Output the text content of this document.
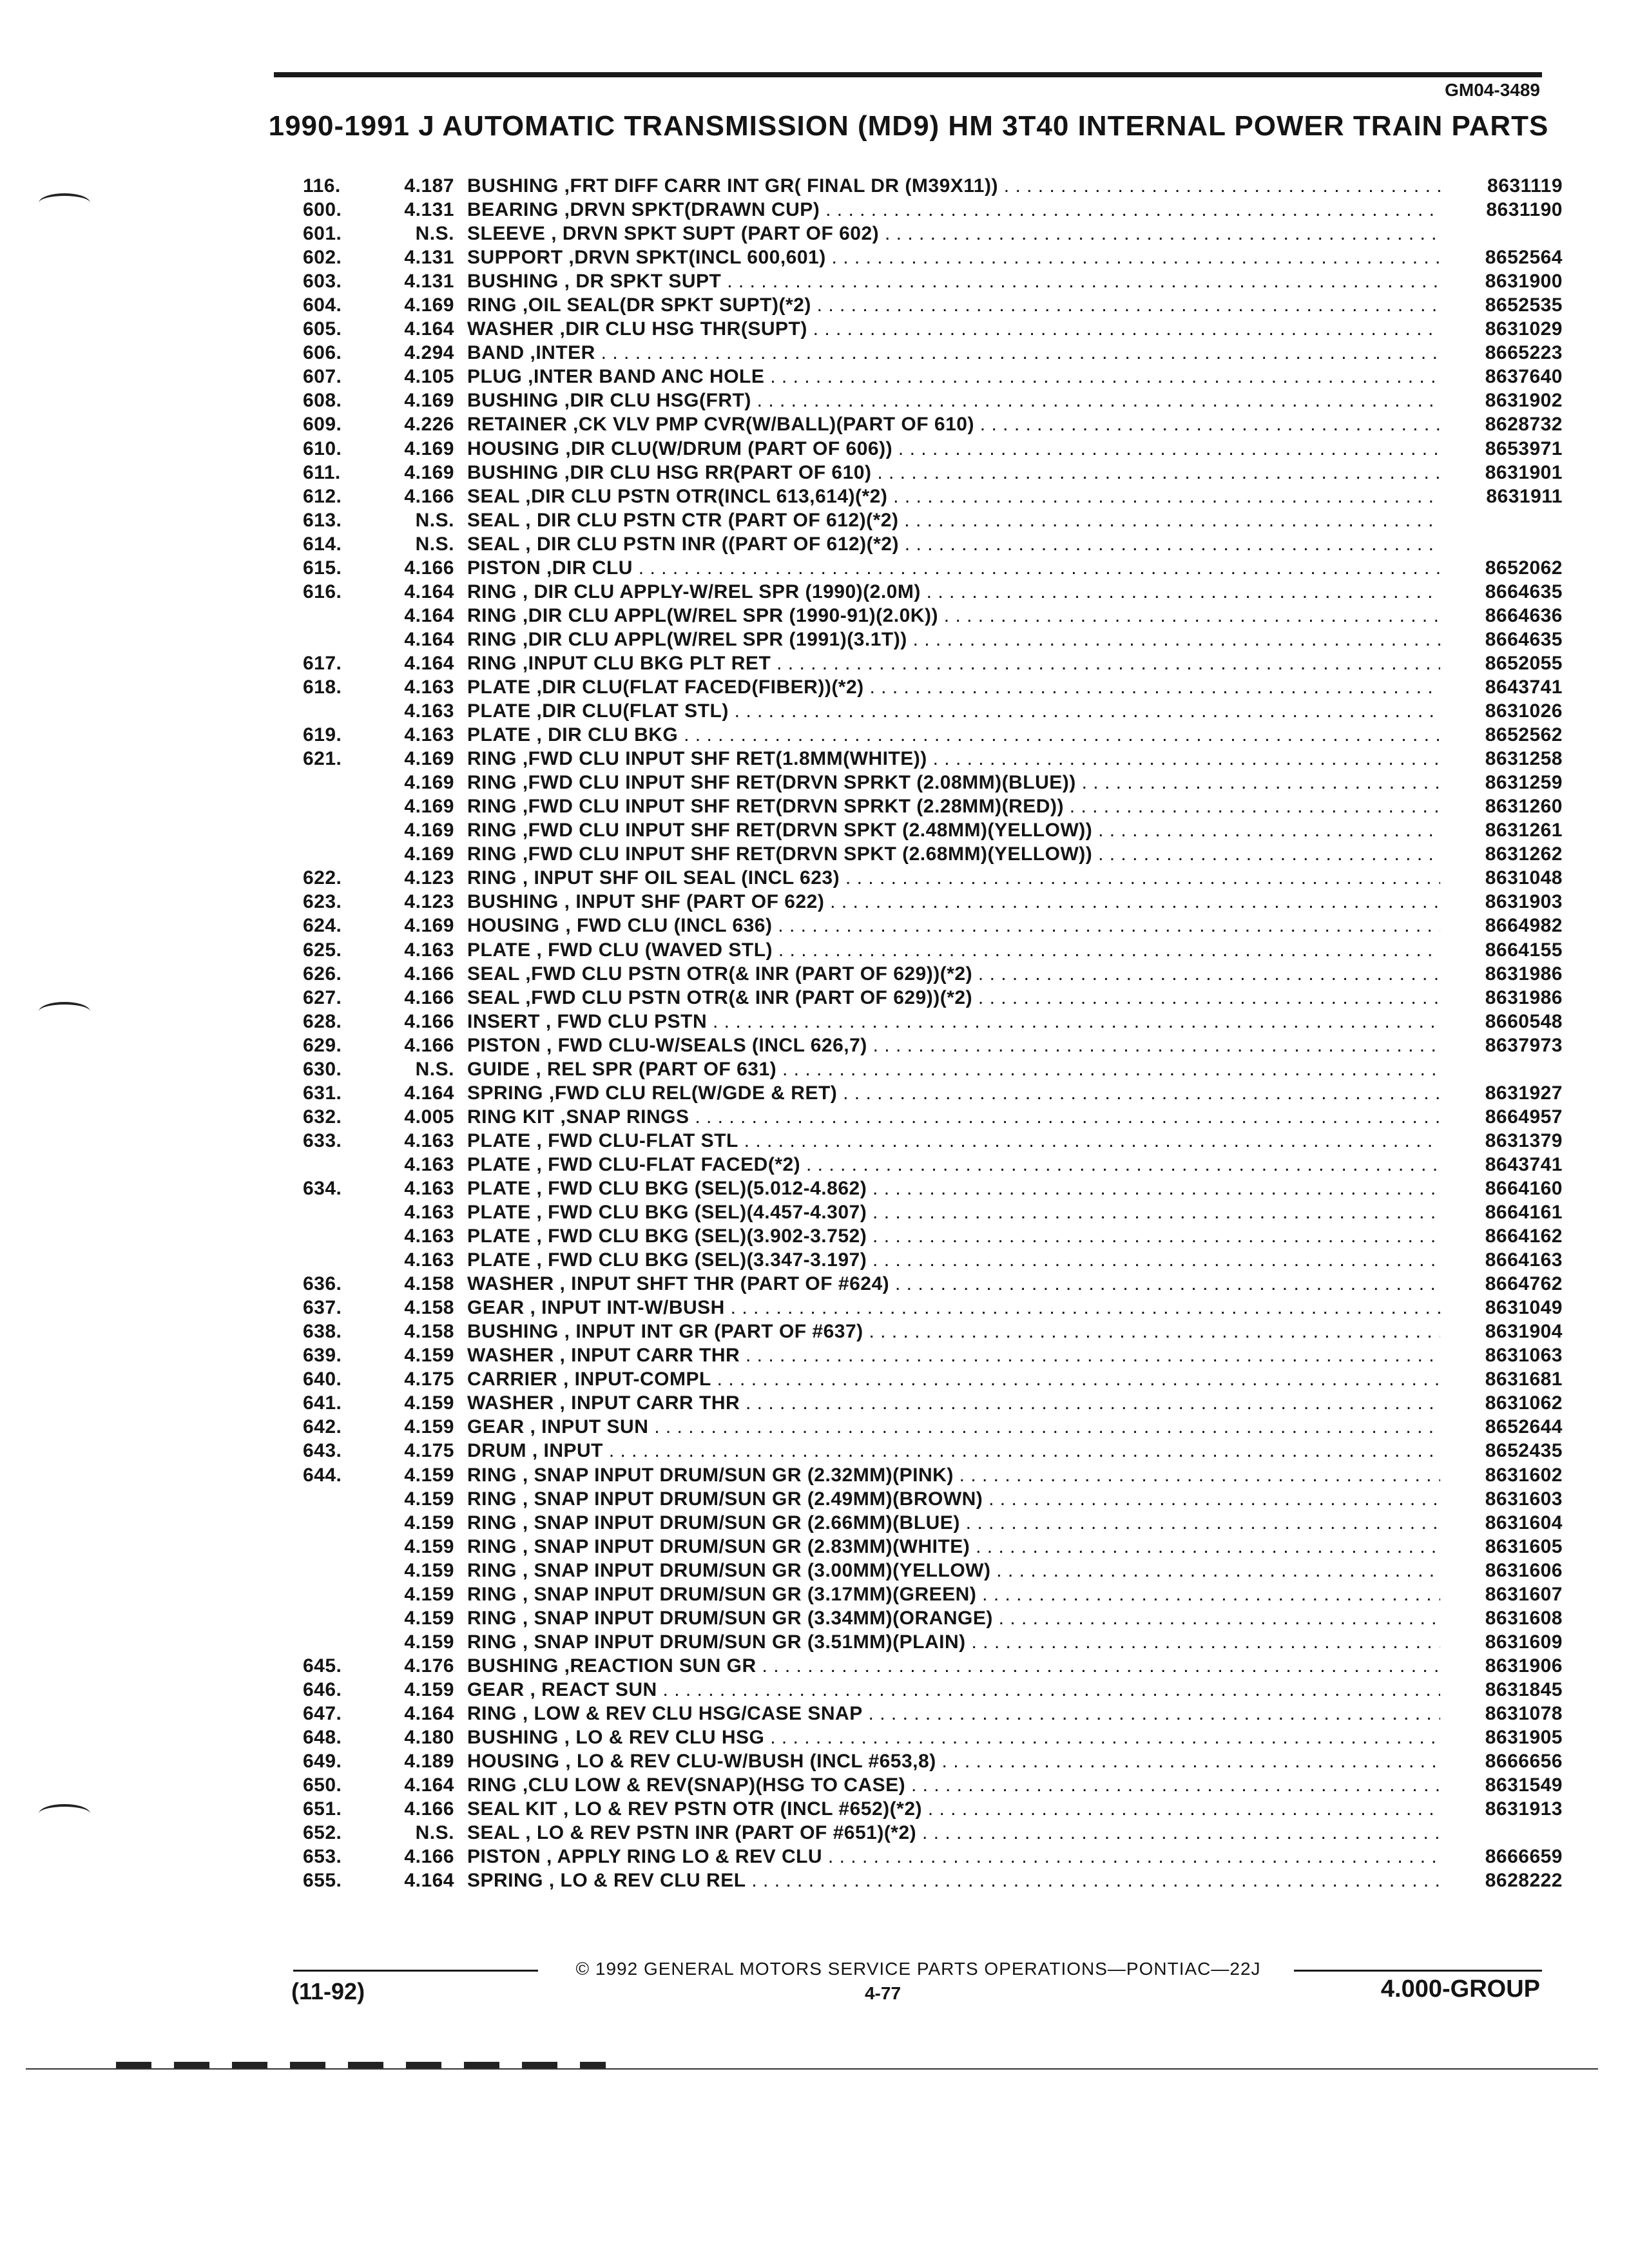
GM04-3489
1990-1991 J AUTOMATIC TRANSMISSION (MD9) HM 3T40 INTERNAL POWER TRAIN PARTS
116.	4.187 BUSHING ,FRT DIFF CARR INT GR( FINAL DR (M39X11)) . . .	8631119
600.	4.131 BEARING ,DRVN SPKT(DRAWN CUP) . . .	8631190
601.	N.S. SLEEVE , DRVN SPKT SUPT (PART OF 602) . . .
602.	4.131 SUPPORT ,DRVN SPKT(INCL 600,601) . . .	8652564
603.	4.131 BUSHING , DR SPKT SUPT . . .	8631900
604.	4.169 RING ,OIL SEAL(DR SPKT SUPT)(*2) . . .	8652535
605.	4.164 WASHER ,DIR CLU HSG THR(SUPT) . . .	8631029
606.	4.294 BAND ,INTER . . .	8665223
607.	4.105 PLUG ,INTER BAND ANC HOLE . . .	8637640
608.	4.169 BUSHING ,DIR CLU HSG(FRT) . . .	8631902
609.	4.226 RETAINER ,CK VLV PMP CVR(W/BALL)(PART OF 610) . . .	8628732
610.	4.169 HOUSING ,DIR CLU(W/DRUM (PART OF 606)) . . .	8653971
611.	4.169 BUSHING ,DIR CLU HSG RR(PART OF 610) . . .	8631901
612.	4.166 SEAL ,DIR CLU PSTN OTR(INCL 613,614)(*2) . . .	8631911
613.	N.S. SEAL , DIR CLU PSTN CTR (PART OF 612)(*2) . . .
614.	N.S. SEAL , DIR CLU PSTN INR ((PART OF 612)(*2) . . .
615.	4.166 PISTON ,DIR CLU . . .	8652062
616.	4.164 RING , DIR CLU APPLY-W/REL SPR (1990)(2.0M) . . .	8664635
4.164 RING ,DIR CLU APPL(W/REL SPR (1990-91)(2.0K)) . . .	8664636
4.164 RING ,DIR CLU APPL(W/REL SPR (1991)(3.1T)) . . .	8664635
617.	4.164 RING ,INPUT CLU BKG PLT RET . . .	8652055
618.	4.163 PLATE ,DIR CLU(FLAT FACED(FIBER))(*2) . . .	8643741
4.163 PLATE ,DIR CLU(FLAT STL) . . .	8631026
619.	4.163 PLATE , DIR CLU BKG . . .	8652562
621.	4.169 RING ,FWD CLU INPUT SHF RET(1.8MM(WHITE)) . . .	8631258
4.169 RING ,FWD CLU INPUT SHF RET(DRVN SPRKT (2.08MM)(BLUE)) . . .	8631259
4.169 RING ,FWD CLU INPUT SHF RET(DRVN SPRKT (2.28MM)(RED)) . . .	8631260
4.169 RING ,FWD CLU INPUT SHF RET(DRVN SPKT (2.48MM)(YELLOW)) . . .	8631261
4.169 RING ,FWD CLU INPUT SHF RET(DRVN SPKT (2.68MM)(YELLOW)) . . .	8631262
622.	4.123 RING , INPUT SHF OIL SEAL (INCL 623) . . .	8631048
623.	4.123 BUSHING , INPUT SHF (PART OF 622) . . .	8631903
624.	4.169 HOUSING , FWD CLU (INCL 636) . . .	8664982
625.	4.163 PLATE , FWD CLU (WAVED STL) . . .	8664155
626.	4.166 SEAL ,FWD CLU PSTN OTR(& INR (PART OF 629))(*2) . . .	8631986
627.	4.166 SEAL ,FWD CLU PSTN OTR(& INR (PART OF 629))(*2) . . .	8631986
628.	4.166 INSERT , FWD CLU PSTN . . .	8660548
629.	4.166 PISTON , FWD CLU-W/SEALS (INCL 626,7) . . .	8637973
630.	N.S. GUIDE , REL SPR (PART OF 631) . . .
631.	4.164 SPRING ,FWD CLU REL(W/GDE & RET) . . .	8631927
632.	4.005 RING KIT ,SNAP RINGS . . .	8664957
633.	4.163 PLATE , FWD CLU-FLAT STL . . .	8631379
4.163 PLATE , FWD CLU-FLAT FACED(*2) . . .	8643741
634.	4.163 PLATE , FWD CLU BKG (SEL)(5.012-4.862) . . .	8664160
4.163 PLATE , FWD CLU BKG (SEL)(4.457-4.307) . . .	8664161
4.163 PLATE , FWD CLU BKG (SEL)(3.902-3.752) . . .	8664162
4.163 PLATE , FWD CLU BKG (SEL)(3.347-3.197) . . .	8664163
636.	4.158 WASHER , INPUT SHFT THR (PART OF #624) . . .	8664762
637.	4.158 GEAR , INPUT INT-W/BUSH . . .	8631049
638.	4.158 BUSHING , INPUT INT GR (PART OF #637) . . .	8631904
639.	4.159 WASHER , INPUT CARR THR . . .	8631063
640.	4.175 CARRIER , INPUT-COMPL . . .	8631681
641.	4.159 WASHER , INPUT CARR THR . . .	8631062
642.	4.159 GEAR , INPUT SUN . . .	8652644
643.	4.175 DRUM , INPUT . . .	8652435
644.	4.159 RING , SNAP INPUT DRUM/SUN GR (2.32MM)(PINK) . . .	8631602
4.159 RING , SNAP INPUT DRUM/SUN GR (2.49MM)(BROWN) . . .	8631603
4.159 RING , SNAP INPUT DRUM/SUN GR (2.66MM)(BLUE) . . .	8631604
4.159 RING , SNAP INPUT DRUM/SUN GR (2.83MM)(WHITE) . . .	8631605
4.159 RING , SNAP INPUT DRUM/SUN GR (3.00MM)(YELLOW) . . .	8631606
4.159 RING , SNAP INPUT DRUM/SUN GR (3.17MM)(GREEN) . . .	8631607
4.159 RING , SNAP INPUT DRUM/SUN GR (3.34MM)(ORANGE) . . .	8631608
4.159 RING , SNAP INPUT DRUM/SUN GR (3.51MM)(PLAIN) . . .	8631609
645.	4.176 BUSHING ,REACTION SUN GR . . .	8631906
646.	4.159 GEAR , REACT SUN . . .	8631845
647.	4.164 RING , LOW & REV CLU HSG/CASE SNAP . . .	8631078
648.	4.180 BUSHING , LO & REV CLU HSG . . .	8631905
649.	4.189 HOUSING , LO & REV CLU-W/BUSH (INCL #653,8) . . .	8666656
650.	4.164 RING ,CLU LOW & REV(SNAP)(HSG TO CASE) . . .	8631549
651.	4.166 SEAL KIT , LO & REV PSTN OTR (INCL #652)(*2) . . .	8631913
652.	N.S. SEAL , LO & REV PSTN INR (PART OF #651)(*2) . . .
653.	4.166 PISTON , APPLY RING LO & REV CLU . . .	8666659
655.	4.164 SPRING , LO & REV CLU REL . . .	8628222
© 1992 GENERAL MOTORS SERVICE PARTS OPERATIONS—PONTIAC—22J
(11-92)	4-77	4.000-GROUP
